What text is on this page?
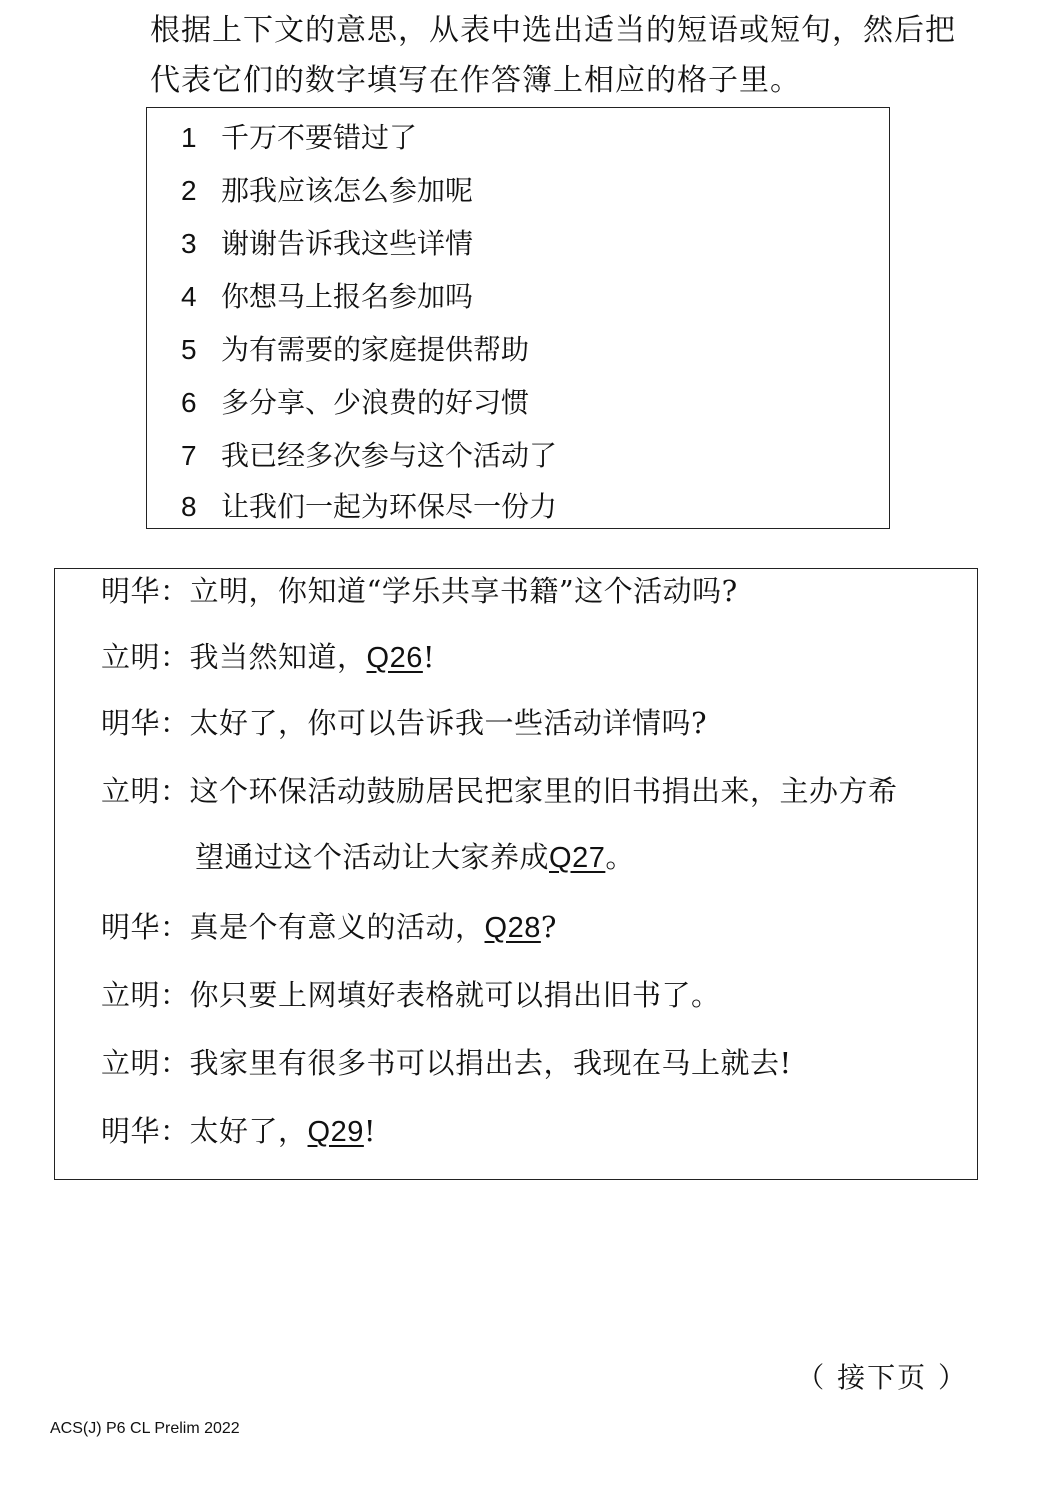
根据上下文的意思，从表中选出适当的短语或短句，然后把
代表它们的数字填写在作答簿上相应的格子里。
1 千万不要错过了
2 那我应该怎么参加呢
3 谢谢告诉我这些详情
4 你想马上报名参加吗
5 为有需要的家庭提供帮助
6 多分享、少浪费的好习惯
7 我已经多次参与这个活动了
8 让我们一起为环保尽一份力
明华：立明，你知道“学乐共享书籍”这个活动吗?
立明：我当然知道，Q26!
明华：太好了，你可以告诉我一些活动详情吗?
立明：这个环保活动鼓励居民把家里的旧书捐出来，主办方希
望通过这个活动让大家养成Q27。
明华：真是个有意义的活动，Q28?
立明：你只要上网填好表格就可以捐出旧书了。
立明：我家里有很多书可以捐出去，我现在马上就去!
明华：太好了，Q29!
（ 接下页 ）
ACS(J) P6 CL Prelim 2022
